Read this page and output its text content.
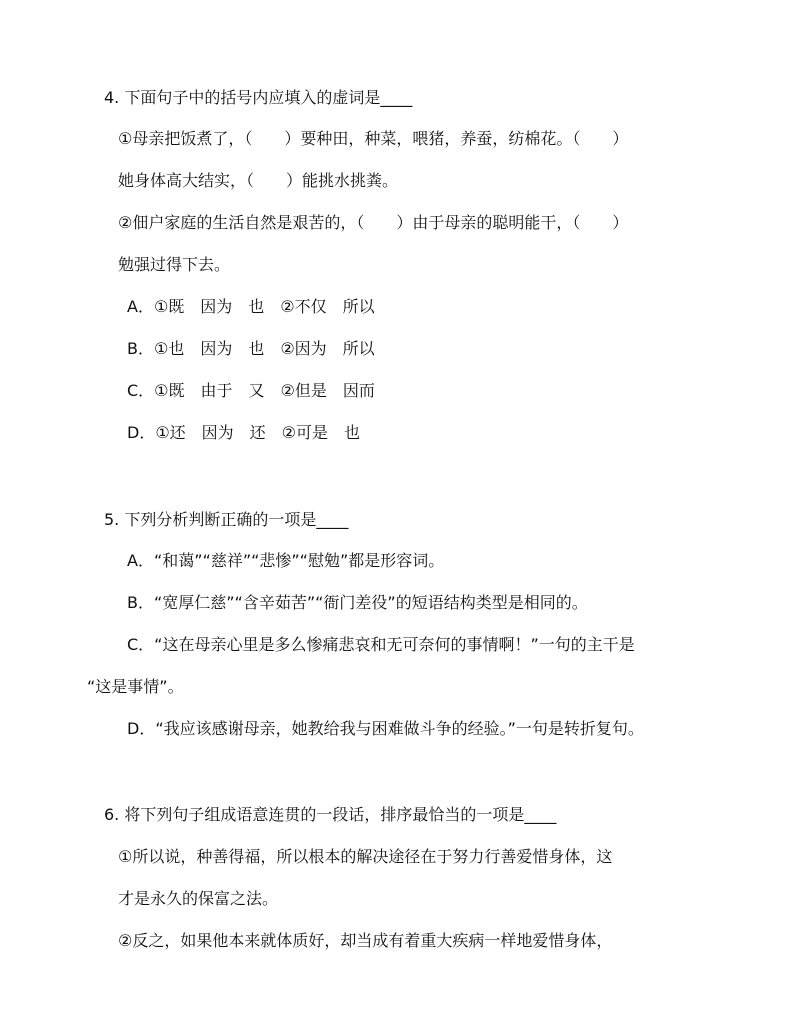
4. 下面句子中的括号内应填入的虚词是____
①母亲把饭煮了，（　　）要种田，种菜，喂猪，养蚕，纺棉花。（　　）
她身体高大结实，（　　）能挑水挑粪。
②佃户家庭的生活自然是艰苦的，（　　）由于母亲的聪明能干，（　　）
勉强过得下去。
A．①既　因为　也　②不仅　所以
B．①也　因为　也　②因为　所以
C．①既　由于　又　②但是　因而
D．①还　因为　还　②可是　也
5. 下列分析判断正确的一项是____
A．“和蔼”“慈祥”“悲惨”“慰勉”都是形容词。
B．“宽厚仁慈”“含辛茹苦”“衙门差役”的短语结构类型是相同的。
C．“这在母亲心里是多么惨痛悲哀和无可奈何的事情啊！”一句的主干是
“这是事情”。
D．“我应该感谢母亲，她教给我与困难做斗争的经验。”一句是转折复句。
6. 将下列句子组成语意连贯的一段话，排序最恰当的一项是____
①所以说，种善得福，所以根本的解决途径在于努力行善爱惜身体，这
才是永久的保富之法。
②反之，如果他本来就体质好，却当成有着重大疾病一样地爱惜身体，
